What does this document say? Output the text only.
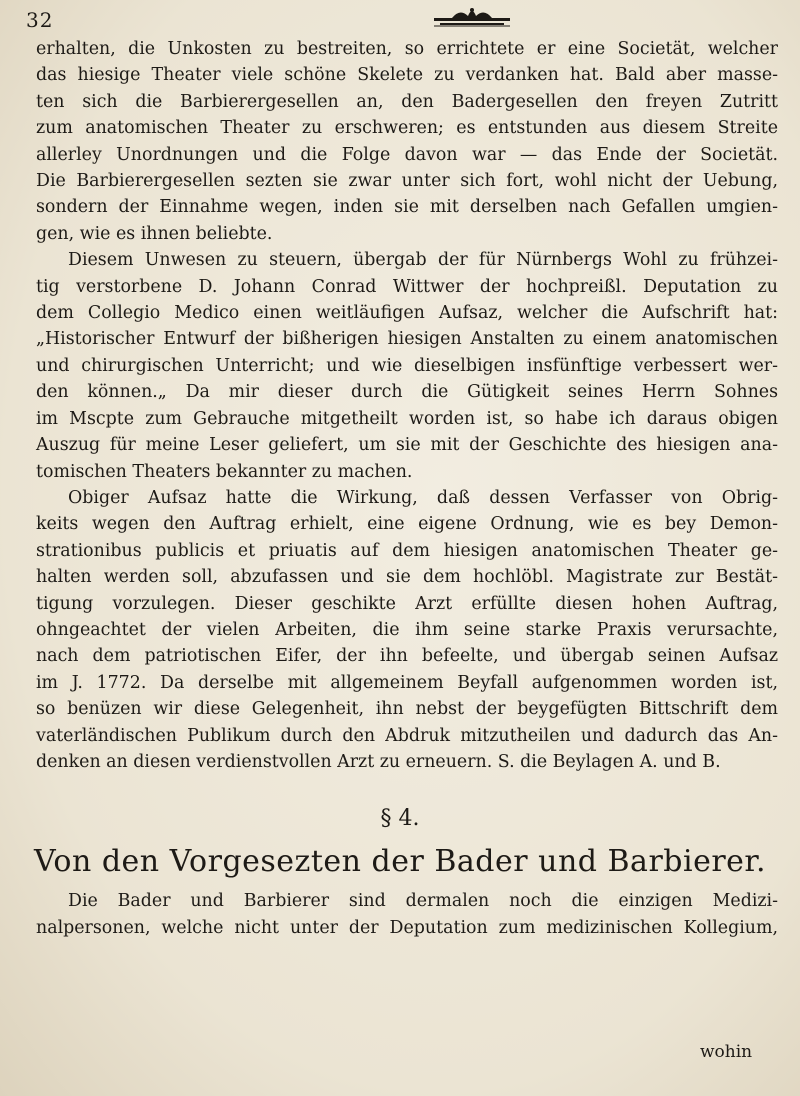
32

erhalten, die Unkosten zu bestreiten, so errichtete er eine Societät, welcher
das hiesige Theater viele schöne Skelete zu verdanken hat. Bald aber masse-
ten sich die Barbierergesellen an, den Badergesellen den freyen Zutritt
zum anatomischen Theater zu erschweren; es entstunden aus diesem Streite
allerley Unordnungen und die Folge davon war — das Ende der Societät.
Die Barbierergesellen sezten sie zwar unter sich fort, wohl nicht der Uebung,
sondern der Einnahme wegen, inden sie mit derselben nach Gefallen umgien-
gen, wie es ihnen beliebte.

Diesem Unwesen zu steuern, übergab der für Nürnbergs Wohl zu frühzei-

tig verstorbene D. Johann Conrad Wittwer der hochpreißl. Deputation zu
dem Collegio Medico einen weitläufigen Aufsaz, welcher die Aufschrift hat:
„Historischer Entwurf der bißherigen hiesigen Anstalten zu einem anatomischen
und chirurgischen Unterricht; und wie dieselbigen insfünftige verbessert wer-
den können.„ Da mir dieser durch die Gütigkeit seines Herrn Sohnes
im Mscpte zum Gebrauche mitgetheilt worden ist, so habe ich daraus obigen
Auszug für meine Leser geliefert, um sie mit der Geschichte des hiesigen ana-
tomischen Theaters bekannter zu machen.

Obiger Aufsaz hatte die Wirkung, daß dessen Verfasser von Obrig-

keits wegen den Auftrag erhielt, eine eigene Ordnung, wie es bey Demon-
strationibus publicis et priuatis auf dem hiesigen anatomischen Theater ge-
halten werden soll, abzufassen und sie dem hochlöbl. Magistrate zur Bestät-
tigung vorzulegen. Dieser geschikte Arzt erfüllte diesen hohen Auftrag,
ohngeachtet der vielen Arbeiten, die ihm seine starke Praxis verursachte,
nach dem patriotischen Eifer, der ihn befeelte, und übergab seinen Aufsaz
im J. 1772. Da derselbe mit allgemeinem Beyfall aufgenommen worden ist,
so benüzen wir diese Gelegenheit, ihn nebst der beygefügten Bittschrift dem
vaterländischen Publikum durch den Abdruk mitzutheilen und dadurch das An-
denken an diesen verdienstvollen Arzt zu erneuern. S. die Beylagen A. und B.

§ 4.
Von den Vorgesezten der Bader und Barbierer.
Die Bader und Barbierer sind dermalen noch die einzigen Medizi-
nalpersonen, welche nicht unter der Deputation zum medizinischen Kollegium,
wohin
